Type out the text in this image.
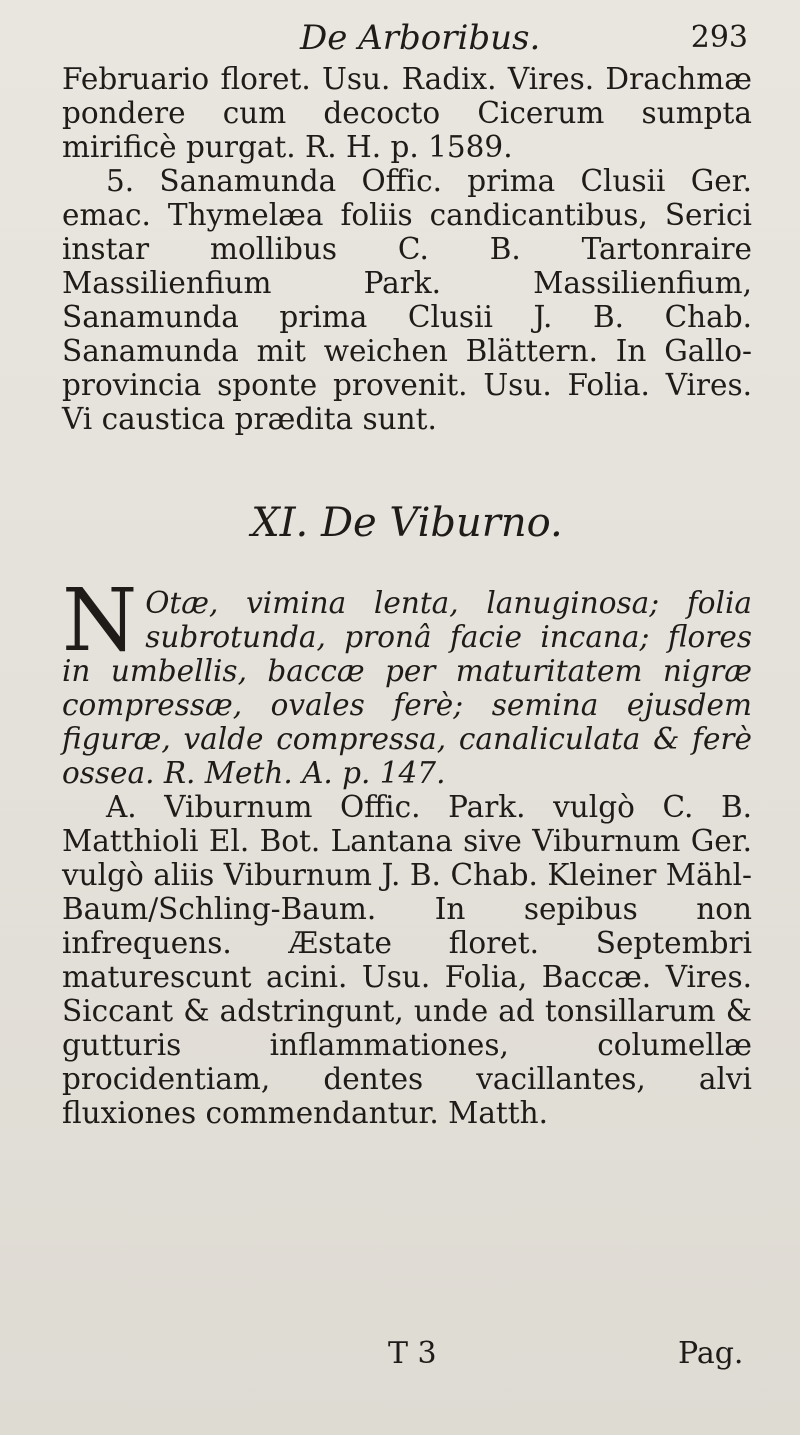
De Arboribus.	293

Februario floret. Usu. Radix. Vires. Drachmæ pondere cum decocto Cicerum sumpta mirificè purgat. R. H. p. 1589.

5. Sanamunda Offic. prima Clusii Ger. emac. Thymelæa foliis candicantibus, Serici instar mollibus C. B. Tartonraire Massilienfium Park. Massilienfium, Sanamunda prima Clusii J. B. Chab. Sanamunda mit weichen Blättern. In Gallo-provincia sponte provenit. Usu. Folia. Vires. Vi caustica prædita sunt.

XI. De Viburno.

N Otæ, vimina lenta, lanuginosa; folia subrotunda, pronâ facie incana; flores in umbellis, baccæ per maturitatem nigræ compressæ, ovales ferè; semina ejusdem figuræ, valde compressa, canaliculata & ferè ossea. R. Meth. A. p. 147.

A. Viburnum Offic. Park. vulgò C. B. Matthioli El. Bot. Lantana sive Viburnum Ger. vulgò aliis Viburnum J. B. Chab. Kleiner Mähl-Baum/Schling-Baum. In sepibus non infrequens. Æstate floret. Septembri maturescunt acini. Usu. Folia, Baccæ. Vires. Siccant & adstringunt, unde ad tonsillarum & gutturis inflammationes, columellæ procidentiam, dentes vacillantes, alvi fluxiones commendantur. Matth.

T 3	Pag.
